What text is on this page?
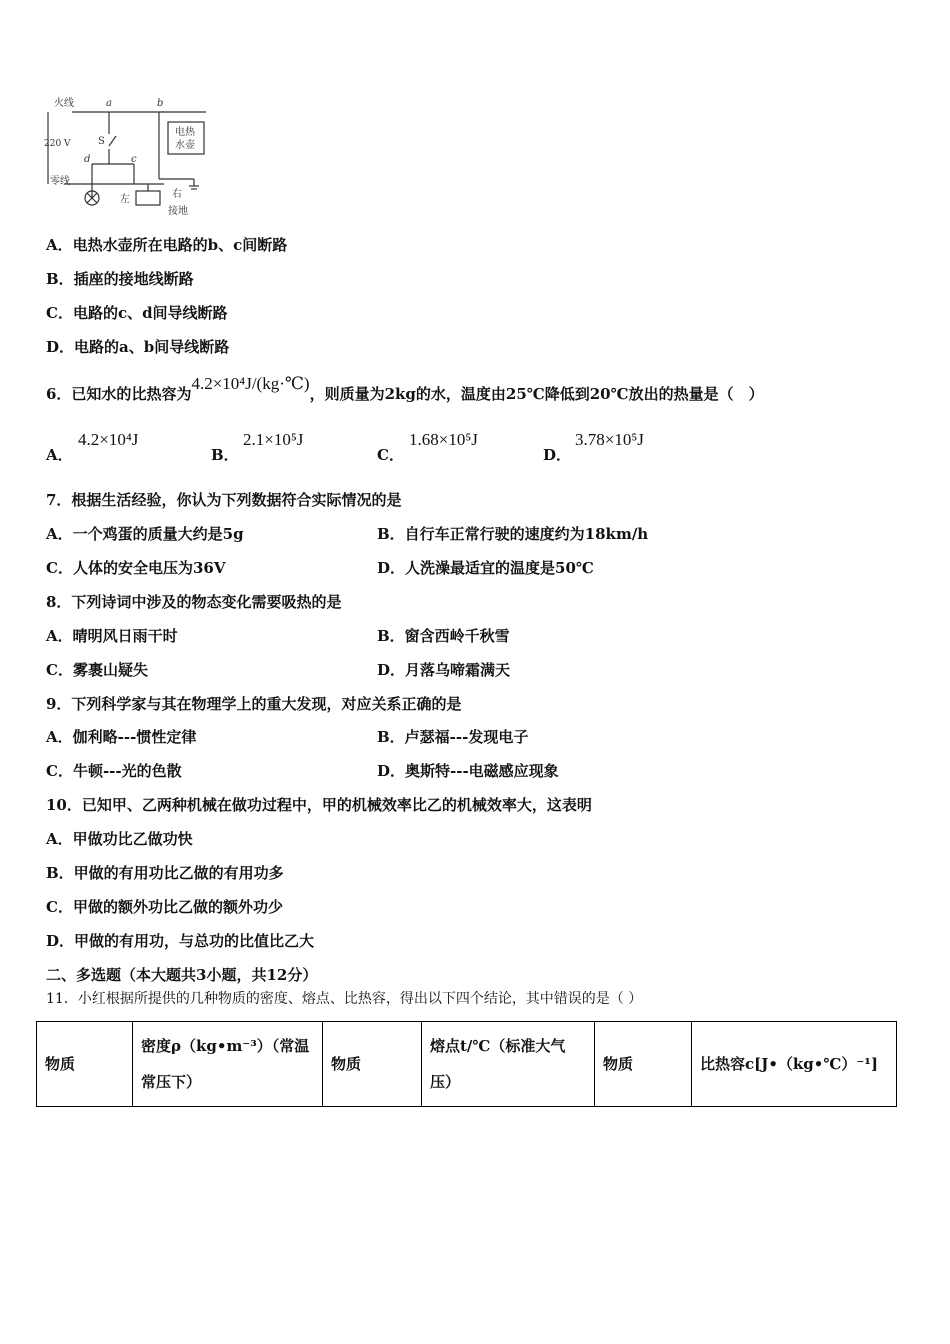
火线
零线
220 V
a	b
c
d
S
电热
水壶
左	右
接地
A．电热水壶所在电路的b、c间断路
B．插座的接地线断路
C．电路的c、d间导线断路
D．电路的a、b间导线断路
6．已知水的比热容为4.2×10⁴J/(kg·℃)，则质量为2kg的水，温度由25℃降低到20℃放出的热量是（　）
A．
4.2×10⁴J
B．
2.1×10⁵J
C．
1.68×10⁵J
D．
3.78×10⁵J
7．根据生活经验，你认为下列数据符合实际情况的是
A．一个鸡蛋的质量大约是5g	B．自行车正常行驶的速度约为18km/h
C．人体的安全电压为36V	D．人洗澡最适宜的温度是50℃
8．下列诗词中涉及的物态变化需要吸热的是
A．晴明风日雨干时	B．窗含西岭千秋雪
C．雾裹山疑失	D．月落乌啼霜满天
9．下列科学家与其在物理学上的重大发现，对应关系正确的是
A．伽利略---惯性定律	B．卢瑟福---发现电子
C．牛顿---光的色散	D．奥斯特---电磁感应现象
10．已知甲、乙两种机械在做功过程中，甲的机械效率比乙的机械效率大，这表明
A．甲做功比乙做功快
B．甲做的有用功比乙做的有用功多
C．甲做的额外功比乙做的额外功少
D．甲做的有用功，与总功的比值比乙大
二、多选题（本大题共3小题，共12分）
11．小红根据所提供的几种物质的密度、熔点、比热容，得出以下四个结论，其中错误的是（ ）
物质	密度ρ（kg•m⁻³）（常温常压下）	物质	熔点t/℃（标准大气压）	物质	比热容c[J•（kg•℃）⁻¹]
